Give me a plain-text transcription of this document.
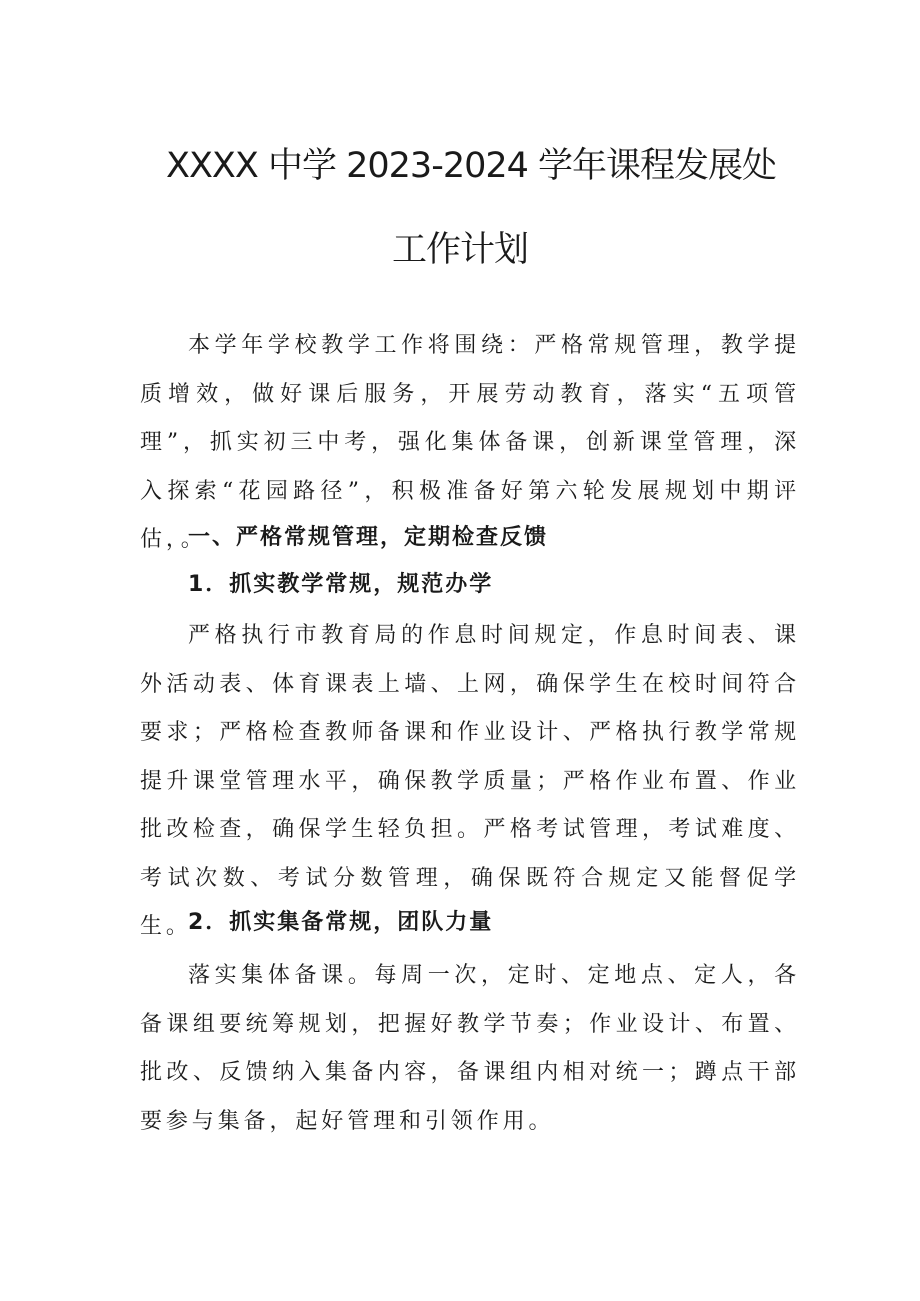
XXXX 中学 2023-2024 学年课程发展处
工作计划

本学年学校教学工作将围绕：严格常规管理，教学提质增效，做好课后服务，开展劳动教育，落实“五项管理”，抓实初三中考，强化集体备课，创新课堂管理，深入探索“花园路径”，积极准备好第六轮发展规划中期评估，。

一、严格常规管理，定期检查反馈
1．抓实教学常规，规范办学

严格执行市教育局的作息时间规定，作息时间表、课外活动表、体育课表上墙、上网，确保学生在校时间符合要求；严格检查教师备课和作业设计、严格执行教学常规提升课堂管理水平，确保教学质量；严格作业布置、作业批改检查，确保学生轻负担。严格考试管理，考试难度、考试次数、考试分数管理，确保既符合规定又能督促学生。

2．抓实集备常规，团队力量

落实集体备课。每周一次，定时、定地点、定人，各备课组要统筹规划，把握好教学节奏；作业设计、布置、批改、反馈纳入集备内容，备课组内相对统一；蹲点干部要参与集备，起好管理和引领作用。
